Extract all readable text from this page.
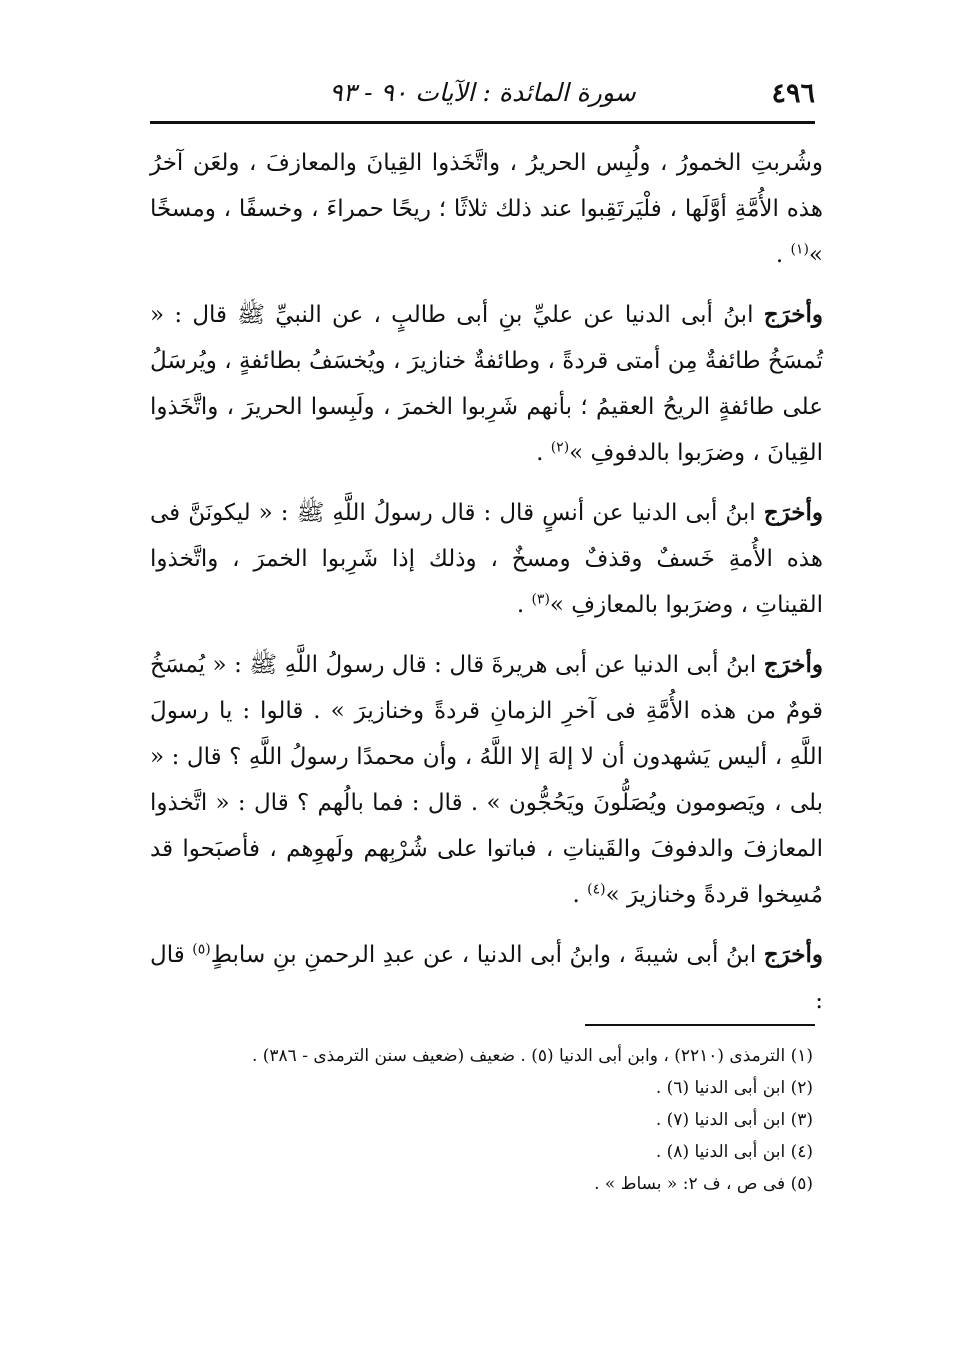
٤٩٦
سورة المائدة : الآيات ٩٠ - ٩٣

وشُربتِ الخمورُ ، ولُبِس الحريرُ ، واتَّخَذوا القِيانَ والمعازفَ ، ولعَن آخرُ هذه الأُمَّةِ أوَّلَها ، فلْيَرتَقِبوا عند ذلك ثلاثًا ؛ ريحًا حمراءَ ، وخسفًا ، ومسخًا »$^{(١)}$ .

وأخرَج ابنُ أبى الدنيا عن عليِّ بنِ أبى طالبٍ ، عن النبيِّ ﷺ قال : « تُمسَخُ طائفةٌ مِن أمتى قردةً ، وطائفةٌ خنازيرَ ، ويُخسَفُ بطائفةٍ ، ويُرسَلُ على طائفةٍ الريحُ العقيمُ ؛ بأنهم شَرِبوا الخمرَ ، ولَبِسوا الحريرَ ، واتَّخَذوا القِيانَ ، وضرَبوا بالدفوفِ »$^{(٢)}$ .

وأخرَج ابنُ أبى الدنيا عن أنسٍ قال : قال رسولُ اللَّهِ ﷺ : « ليكونَنَّ فى هذه الأُمةِ خَسفٌ وقذفٌ ومسخٌ ، وذلك إذا شَرِبوا الخمرَ ، واتَّخذوا القيناتِ ، وضرَبوا بالمعازفِ »$^{(٣)}$ .

وأخرَج ابنُ أبى الدنيا عن أبى هريرةَ قال : قال رسولُ اللَّهِ ﷺ : « يُمسَخُ قومٌ من هذه الأُمَّةِ فى آخرِ الزمانِ قردةً وخنازيرَ » . قالوا : يا رسولَ اللَّهِ ، أليس يَشهدون أن لا إلهَ إلا اللَّهُ ، وأن محمدًا رسولُ اللَّهِ ؟ قال : « بلى ، ويَصومون ويُصَلُّونَ ويَحُجُّون » . قال : فما بالُهم ؟ قال : « اتَّخذوا المعازفَ والدفوفَ والقَيناتِ ، فباتوا على شُرْبِهم ولَهوِهم ، فأصبَحوا قد مُسِخوا قردةً وخنازيرَ »$^{(٤)}$ .

وأخرَج ابنُ أبى شيبةَ ، وابنُ أبى الدنيا ، عن عبدِ الرحمنِ بنِ سابطٍ$^{(٥)}$ قال :

(١) الترمذى (٢٢١٠) ، وابن أبى الدنيا (٥) . ضعيف (ضعيف سنن الترمذى - ٣٨٦) .
(٢) ابن أبى الدنيا (٦) .
(٣) ابن أبى الدنيا (٧) .
(٤) ابن أبى الدنيا (٨) .
(٥) فى ص ، ف ٢: « بساط » .
